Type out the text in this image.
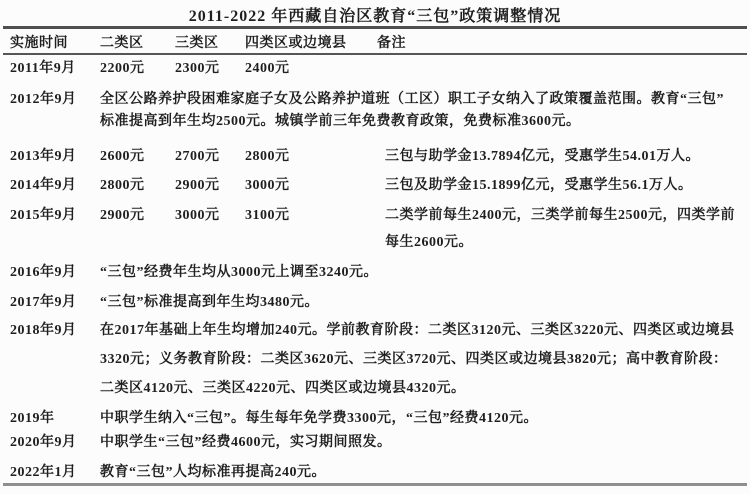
2011-2022 年西藏自治区教育“三包”政策调整情况
实施时间 二类区 三类区 四类区或边境县 备注
2011年9月 2200元 2300元 2400元
2012年9月 全区公路养护段困难家庭子女及公路养护道班（工区）职工子女纳入了政策覆盖范围。教育“三包”
标准提高到年生均2500元。城镇学前三年免费教育政策，免费标准3600元。
2013年9月 2600元 2700元 2800元	三包与助学金13.7894亿元，受惠学生54.01万人。
2014年9月 2800元 2900元 3000元	三包及助学金15.1899亿元，受惠学生56.1万人。
2015年9月 2900元 3000元 3100元	二类学前每生2400元，三类学前每生2500元，四类学前
每生2600元。
2016年9月 “三包”经费年生均从3000元上调至3240元。
2017年9月 “三包”标准提高到年生均3480元。
2018年9月 在2017年基础上年生均增加240元。学前教育阶段：二类区3120元、三类区3220元、四类区或边境县
3320元；义务教育阶段：二类区3620元、三类区3720元、四类区或边境县3820元；高中教育阶段：
二类区4120元、三类区4220元、四类区或边境县4320元。
2019年	中职学生纳入“三包”。每生每年免学费3300元，“三包”经费4120元。
2020年9月 中职学生“三包”经费4600元，实习期间照发。
2022年1月 教育“三包”人均标准再提高240元。
